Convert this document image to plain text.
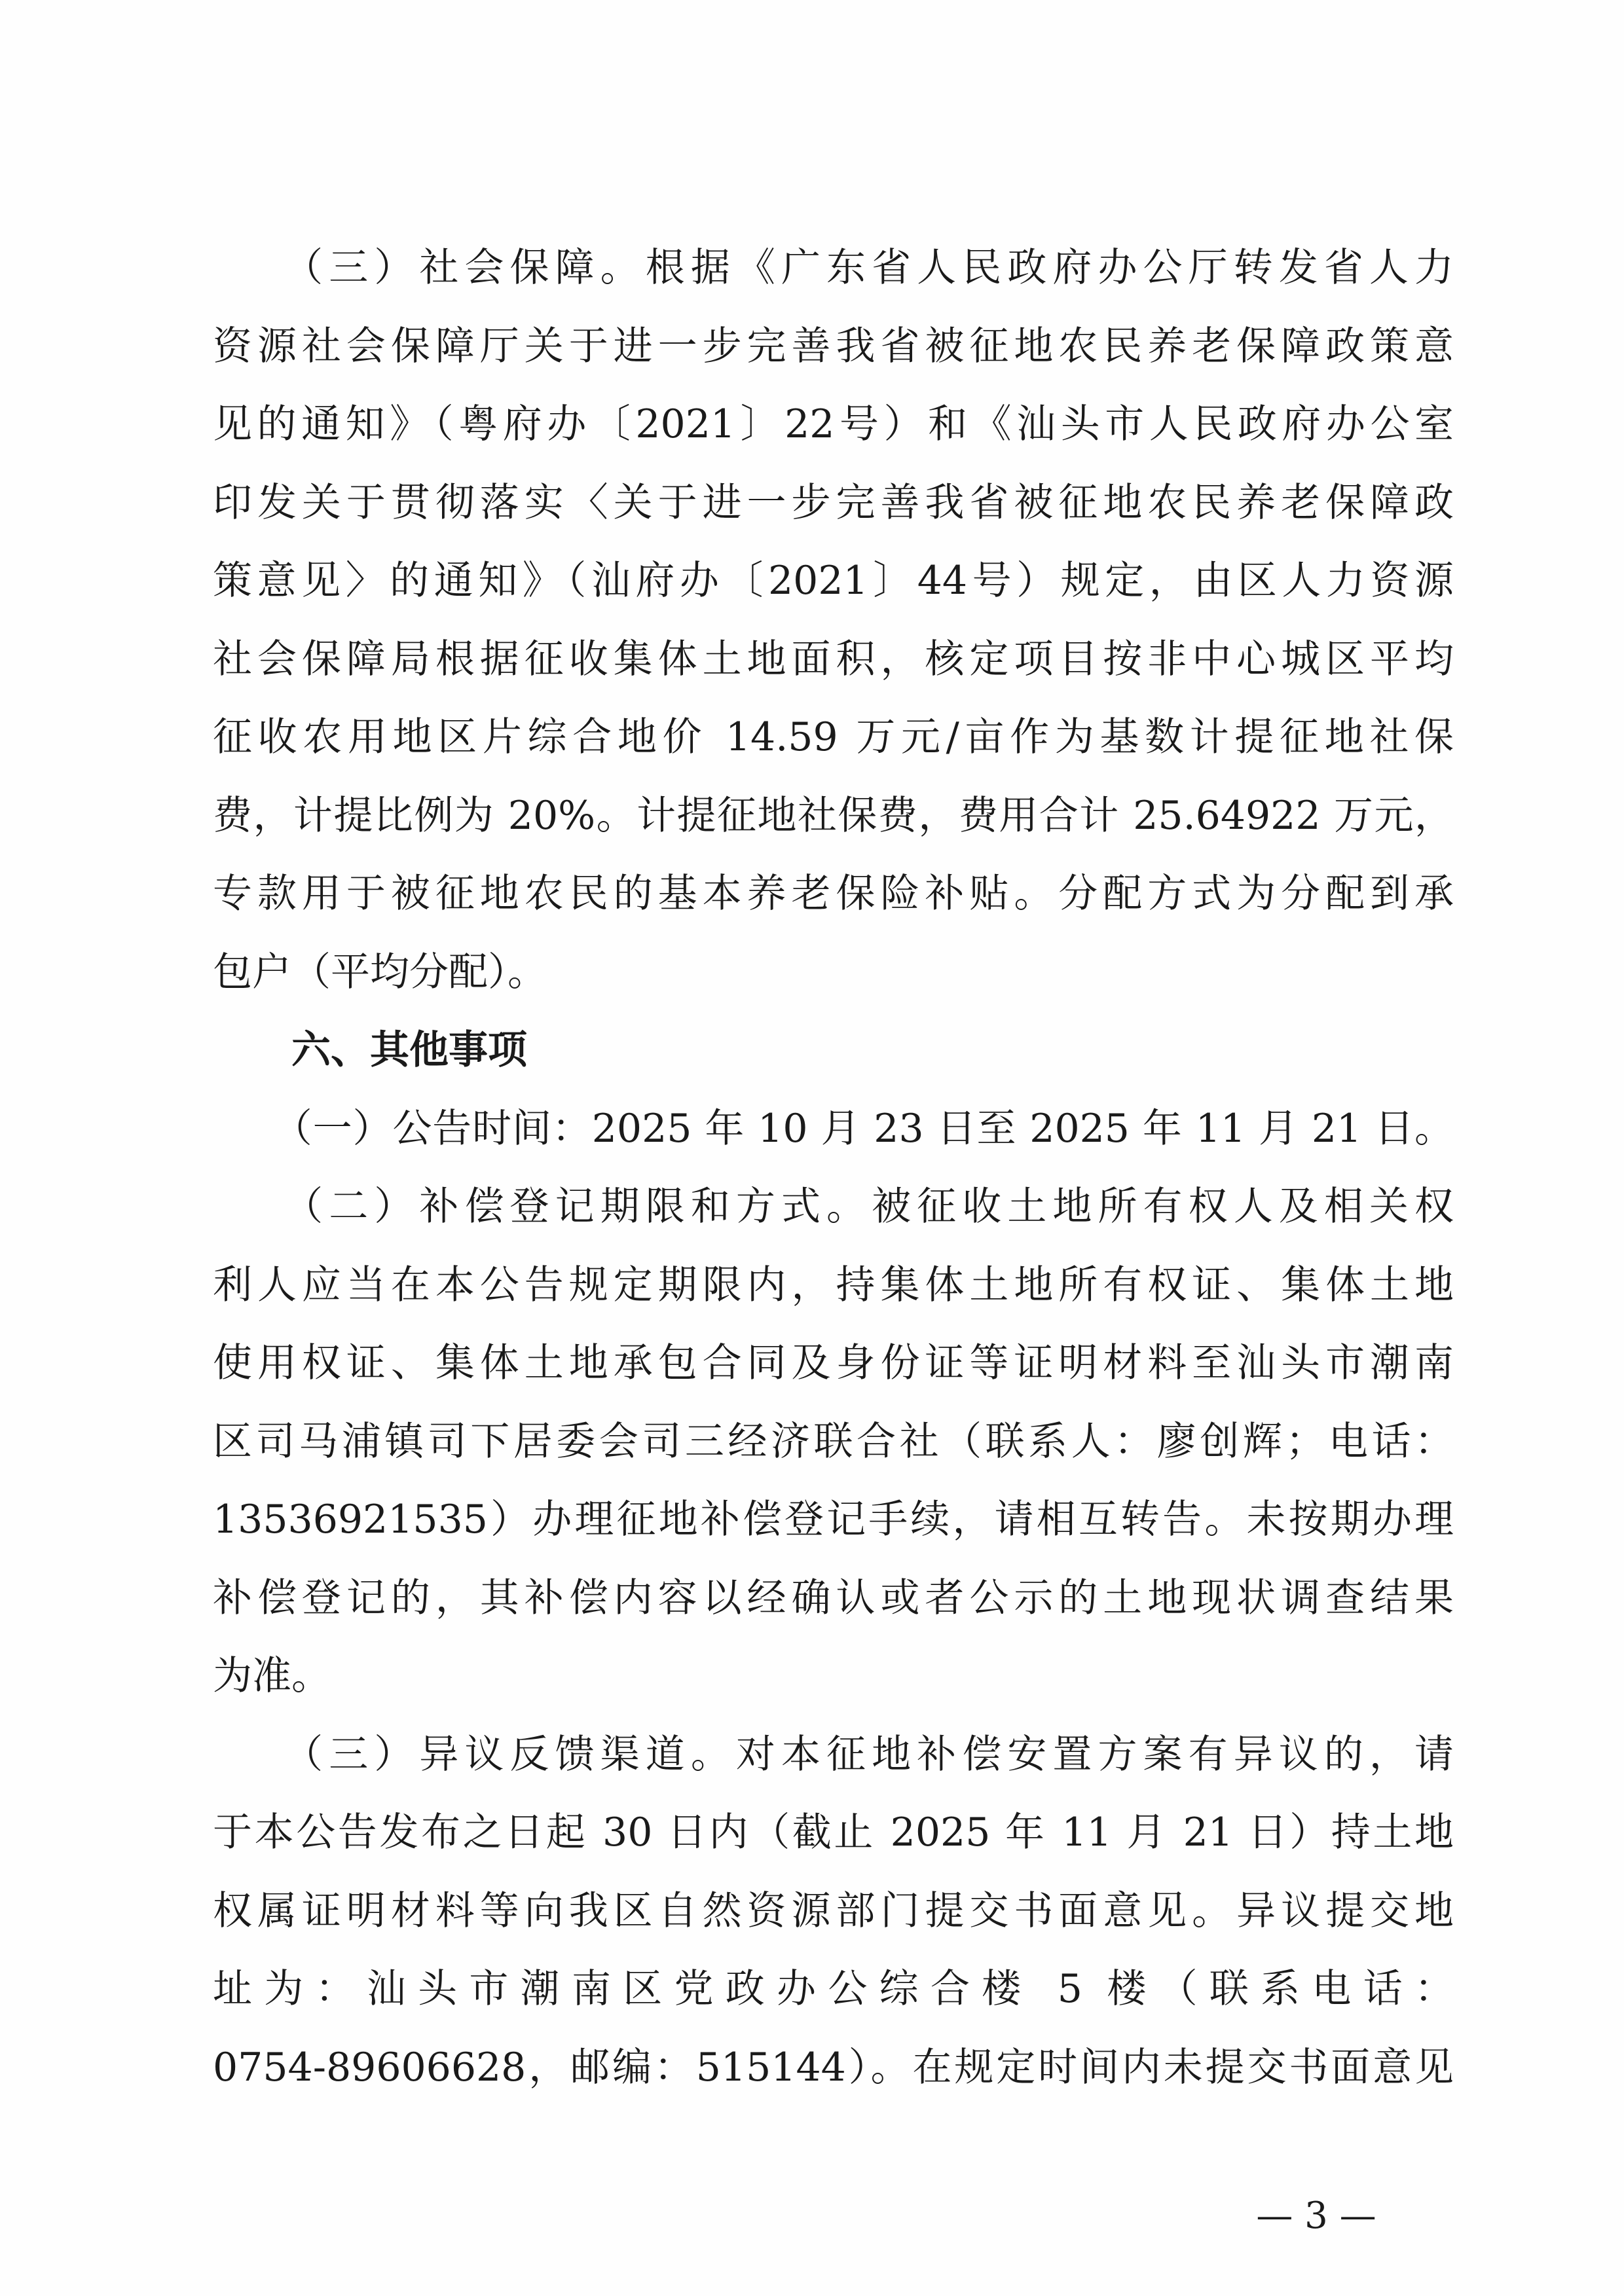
　　（三）社会保障。根据《广东省人民政府办公厅转发省人力
资源社会保障厅关于进一步完善我省被征地农民养老保障政策意
见的通知》（粤府办〔2021〕22号）和《汕头市人民政府办公室
印发关于贯彻落实〈关于进一步完善我省被征地农民养老保障政
策意见〉的通知》（汕府办〔2021〕44号）规定，由区人力资源
社会保障局根据征收集体土地面积，核定项目按非中心城区平均
征收农用地区片综合地价 14.59 万元/亩作为基数计提征地社保
费，计提比例为 20%。计提征地社保费，费用合计 25.64922 万元，
专款用于被征地农民的基本养老保险补贴。分配方式为分配到承
包户（平均分配）。
　　六、其他事项
　　（一）公告时间：2025 年 10 月 23 日至 2025 年 11 月 21 日。
　　（二）补偿登记期限和方式。被征收土地所有权人及相关权
利人应当在本公告规定期限内，持集体土地所有权证、集体土地
使用权证、集体土地承包合同及身份证等证明材料至汕头市潮南
区司马浦镇司下居委会司三经济联合社（联系人：廖创辉；电话：
13536921535）办理征地补偿登记手续，请相互转告。未按期办理
补偿登记的，其补偿内容以经确认或者公示的土地现状调查结果
为准。
　　（三）异议反馈渠道。对本征地补偿安置方案有异议的，请
于本公告发布之日起 30 日内（截止 2025 年 11 月 21 日）持土地
权属证明材料等向我区自然资源部门提交书面意见。异议提交地
址为：汕头市潮南区党政办公综合楼 5 楼（联系电话：
0754-89606628，邮编：515144）。在规定时间内未提交书面意见
— 3 —
